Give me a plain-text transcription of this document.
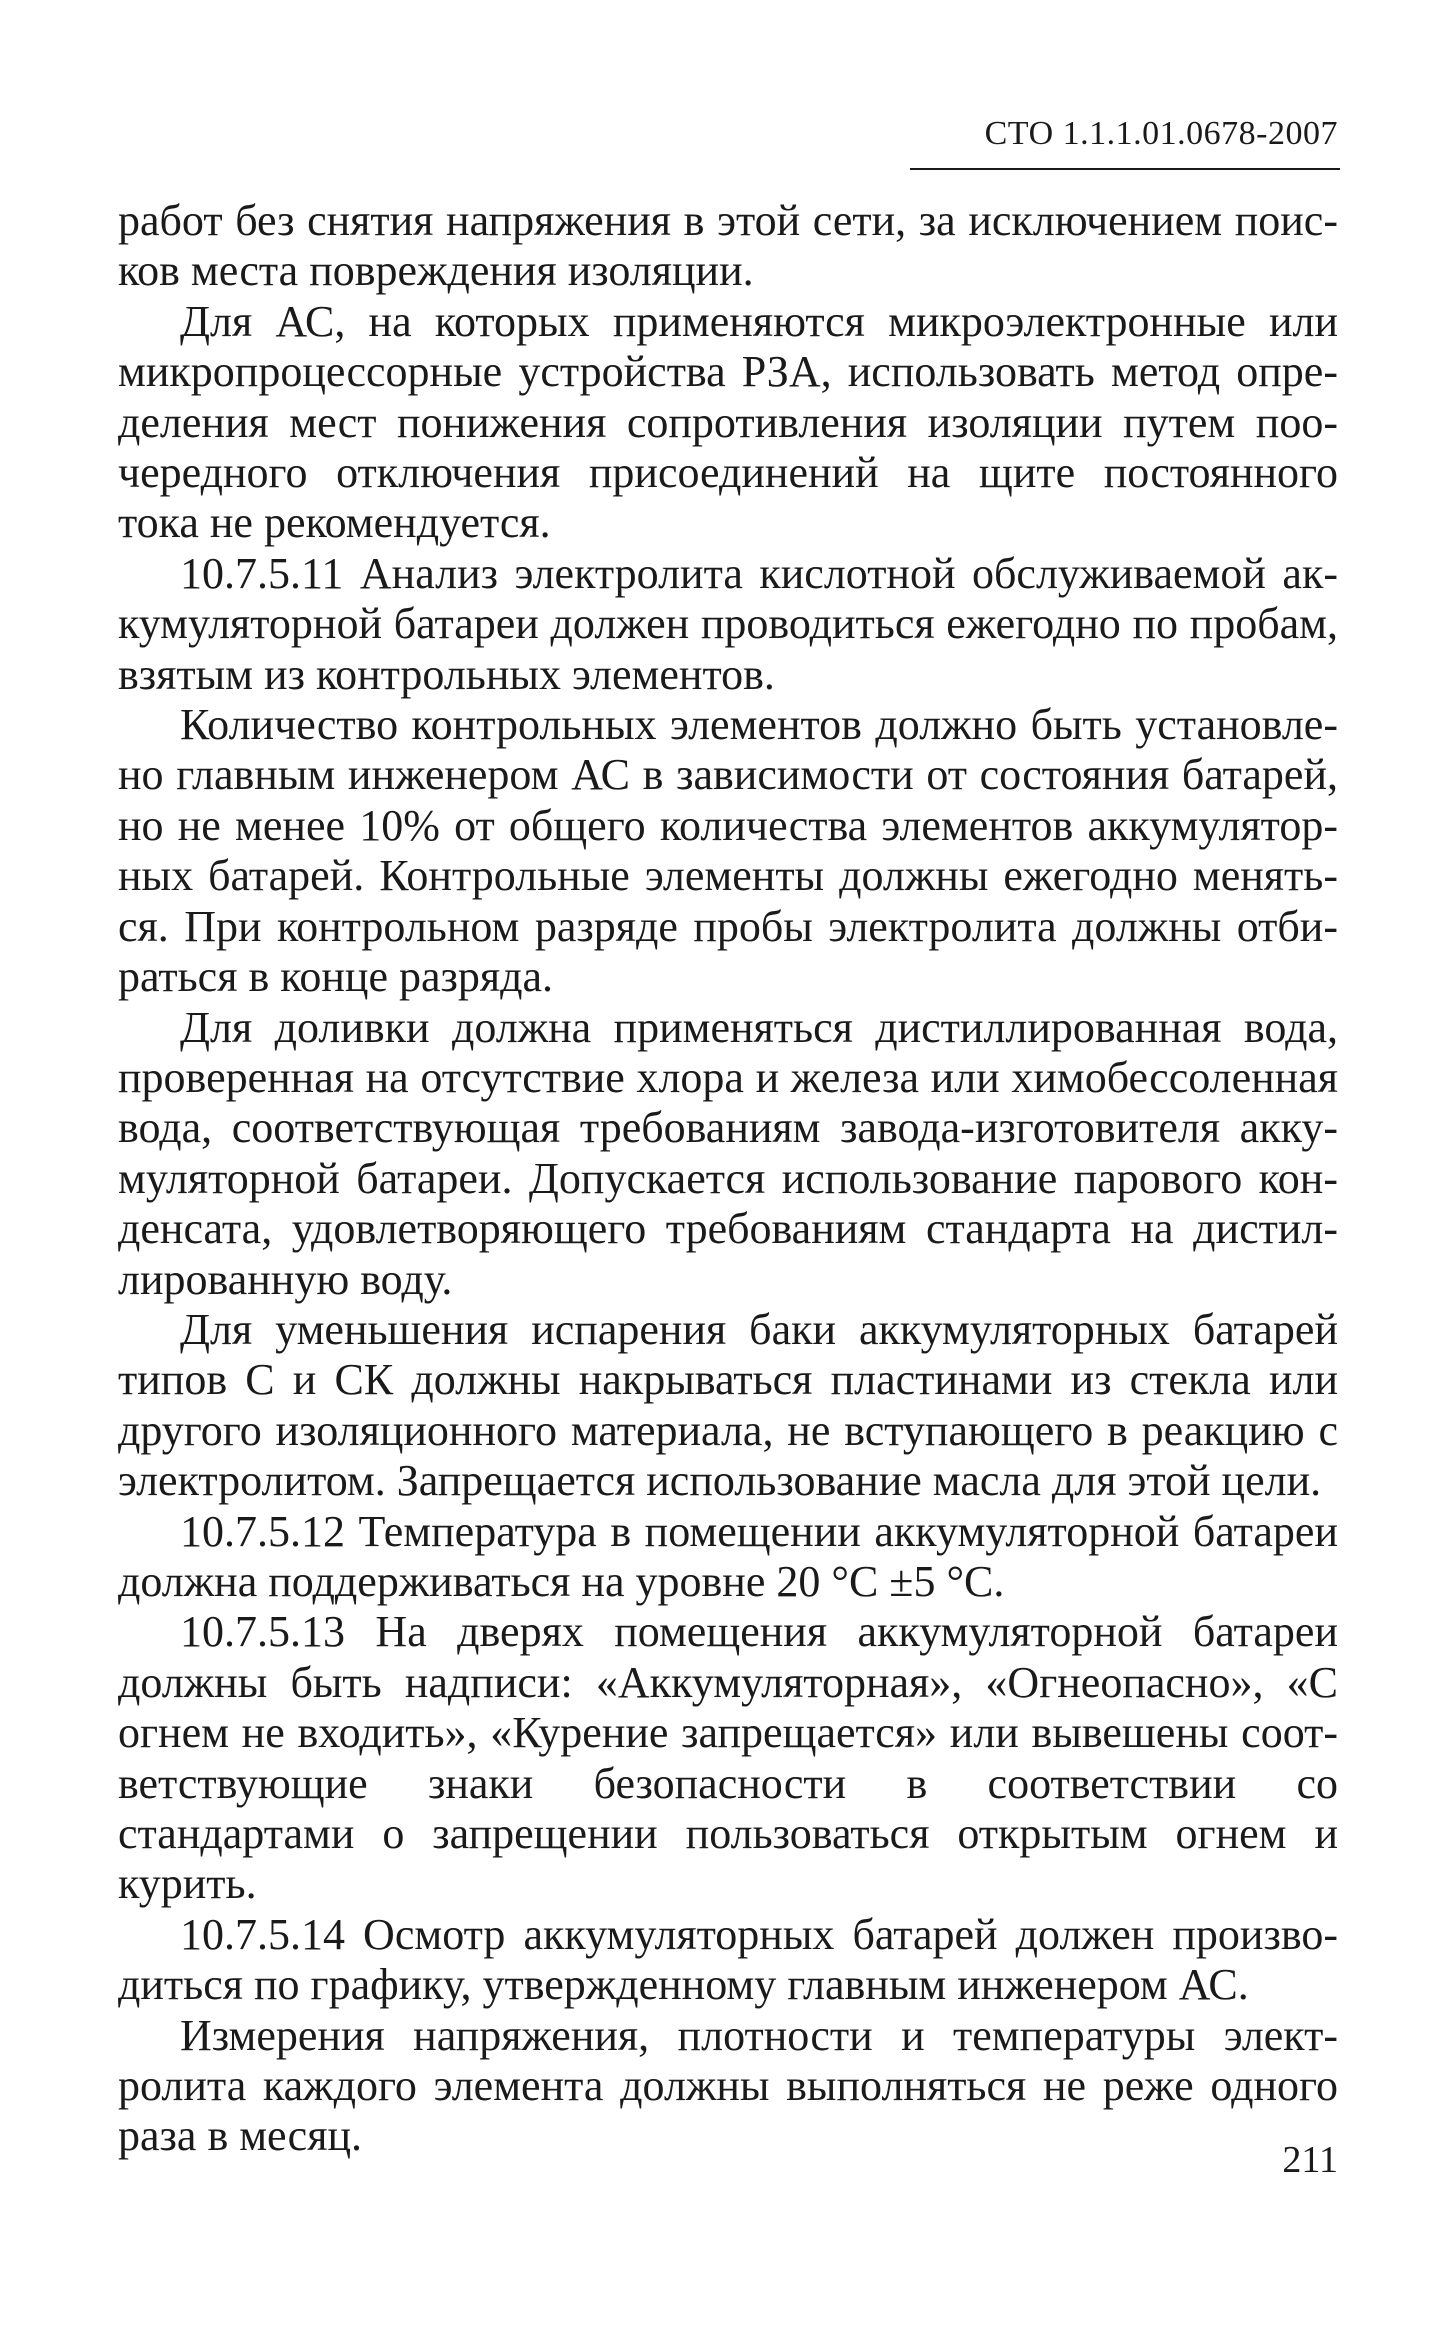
СТО 1.1.1.01.0678-2007

работ без снятия напряжения в этой сети, за исключением поисков места повреждения изоляции.

Для АС, на которых применяются микроэлектронные или микропроцессорные устройства РЗА, использовать метод определения мест понижения сопротивления изоляции путем поочередного отключения присоединений на щите постоянного тока не рекомендуется.

10.7.5.11 Анализ электролита кислотной обслуживаемой аккумуляторной батареи должен проводиться ежегодно по пробам, взятым из контрольных элементов.

Количество контрольных элементов должно быть установлено главным инженером АС в зависимости от состояния батарей, но не менее 10% от общего количества элементов аккумуляторных батарей. Контрольные элементы должны ежегодно меняться. При контрольном разряде пробы электролита должны отбираться в конце разряда.

Для доливки должна применяться дистиллированная вода, проверенная на отсутствие хлора и железа или химобессоленная вода, соответствующая требованиям завода-изготовителя аккумуляторной батареи. Допускается использование парового конденсата, удовлетворяющего требованиям стандарта на дистиллированную воду.

Для уменьшения испарения баки аккумуляторных батарей типов С и СК должны накрываться пластинами из стекла или другого изоляционного материала, не вступающего в реакцию с электролитом. Запрещается использование масла для этой цели.

10.7.5.12 Температура в помещении аккумуляторной батареи должна поддерживаться на уровне 20 °С ±5 °С.

10.7.5.13 На дверях помещения аккумуляторной батареи должны быть надписи: «Аккумуляторная», «Огнеопасно», «С огнем не входить», «Курение запрещается» или вывешены соответствующие знаки безопасности в соответствии со стандартами о запрещении пользоваться открытым огнем и курить.

10.7.5.14 Осмотр аккумуляторных батарей должен производиться по графику, утвержденному главным инженером АС.

Измерения напряжения, плотности и температуры электролита каждого элемента должны выполняться не реже одного раза в месяц.	211
